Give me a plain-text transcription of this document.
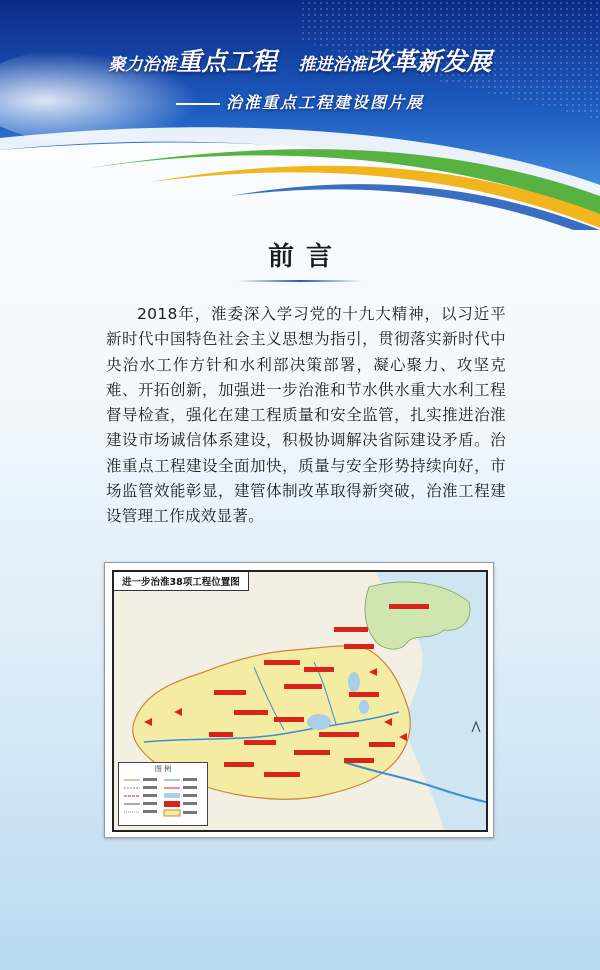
聚力治淮重点工程 推进治淮改革新发展
治淮重点工程建设图片展
前言
2018年，淮委深入学习党的十九大精神，以习近平新时代中国特色社会主义思想为指引，贯彻落实新时代中央治水工作方针和水利部决策部署，凝心聚力、攻坚克难、开拓创新，加强进一步治淮和节水供水重大水利工程督导检查，强化在建工程质量和安全监管，扎实推进治淮建设市场诚信体系建设，积极协调解决省际建设矛盾。治淮重点工程建设全面加快，质量与安全形势持续向好，市场监管效能彰显，建管体制改革取得新突破，治淮工程建设管理工作成效显著。
进一步治淮38项工程位置图
图 例
